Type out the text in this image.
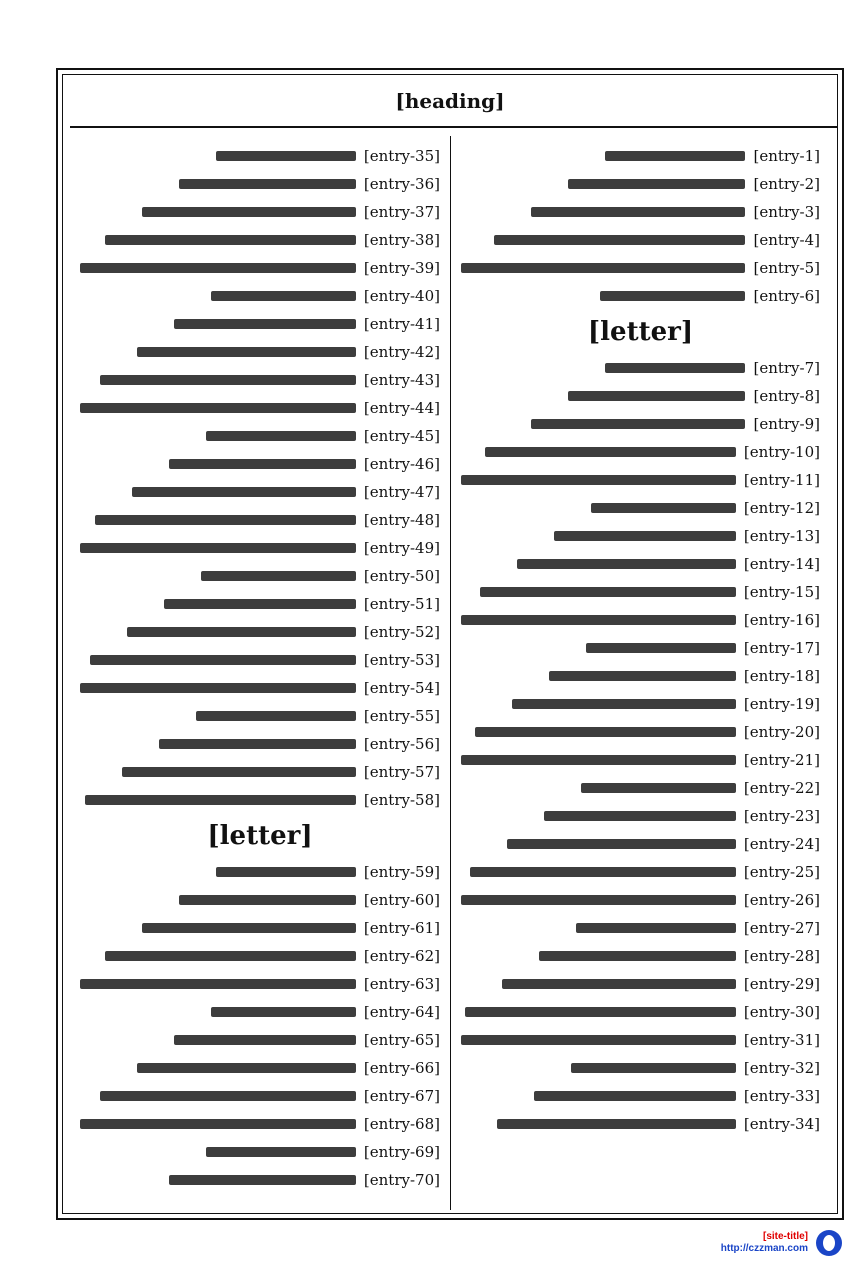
[heading]
[entry-1]
[entry-2]
[entry-3]
[entry-4]
[entry-5]
[entry-6]
[letter]
[entry-7]
[entry-8]
[entry-9]
[entry-10]
[entry-11]
[entry-12]
[entry-13]
[entry-14]
[entry-15]
[entry-16]
[entry-17]
[entry-18]
[entry-19]
[entry-20]
[entry-21]
[entry-22]
[entry-23]
[entry-24]
[entry-25]
[entry-26]
[entry-27]
[entry-28]
[entry-29]
[entry-30]
[entry-31]
[entry-32]
[entry-33]
[entry-34]
[entry-35]
[entry-36]
[entry-37]
[entry-38]
[entry-39]
[entry-40]
[entry-41]
[entry-42]
[entry-43]
[entry-44]
[entry-45]
[entry-46]
[entry-47]
[entry-48]
[entry-49]
[entry-50]
[entry-51]
[entry-52]
[entry-53]
[entry-54]
[entry-55]
[entry-56]
[entry-57]
[entry-58]
[letter]
[entry-59]
[entry-60]
[entry-61]
[entry-62]
[entry-63]
[entry-64]
[entry-65]
[entry-66]
[entry-67]
[entry-68]
[entry-69]
[entry-70]
[site-title]
http://czzman.com
